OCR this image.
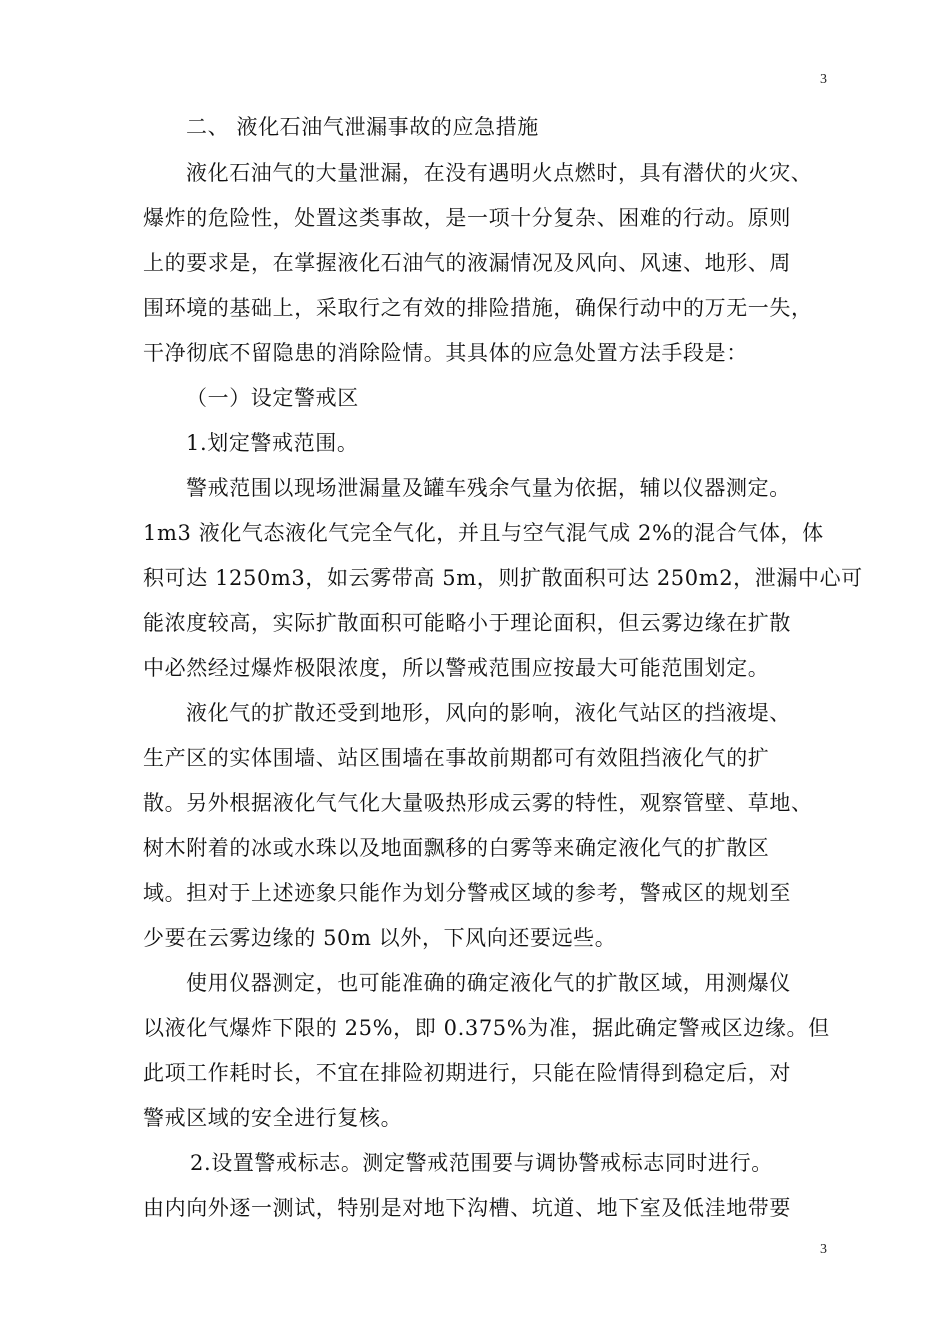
3
二、 液化石油气泄漏事故的应急措施
液化石油气的大量泄漏，在没有遇明火点燃时，具有潜伏的火灾、
爆炸的危险性，处置这类事故，是一项十分复杂、困难的行动。原则
上的要求是，在掌握液化石油气的液漏情况及风向、风速、地形、周
围环境的基础上，采取行之有效的排险措施，确保行动中的万无一失，
干净彻底不留隐患的消除险情。其具体的应急处置方法手段是：
（一）设定警戒区
1.划定警戒范围。
警戒范围以现场泄漏量及罐车残余气量为依据，辅以仪器测定。
1m3 液化气态液化气完全气化，并且与空气混气成 2%的混合气体，体
积可达 1250m3，如云雾带高 5m，则扩散面积可达 250m2，泄漏中心可
能浓度较高，实际扩散面积可能略小于理论面积，但云雾边缘在扩散
中必然经过爆炸极限浓度，所以警戒范围应按最大可能范围划定。
液化气的扩散还受到地形，风向的影响，液化气站区的挡液堤、
生产区的实体围墙、站区围墙在事故前期都可有效阻挡液化气的扩
散。另外根据液化气气化大量吸热形成云雾的特性，观察管壁、草地、
树木附着的冰或水珠以及地面飘移的白雾等来确定液化气的扩散区
域。担对于上述迹象只能作为划分警戒区域的参考，警戒区的规划至
少要在云雾边缘的 50m 以外，下风向还要远些。
使用仪器测定，也可能准确的确定液化气的扩散区域，用测爆仪
以液化气爆炸下限的 25%，即 0.375%为准，据此确定警戒区边缘。但
此项工作耗时长，不宜在排险初期进行，只能在险情得到稳定后，对
警戒区域的安全进行复核。
2.设置警戒标志。测定警戒范围要与调协警戒标志同时进行。
由内向外逐一测试，特别是对地下沟槽、坑道、地下室及低洼地带要
3
